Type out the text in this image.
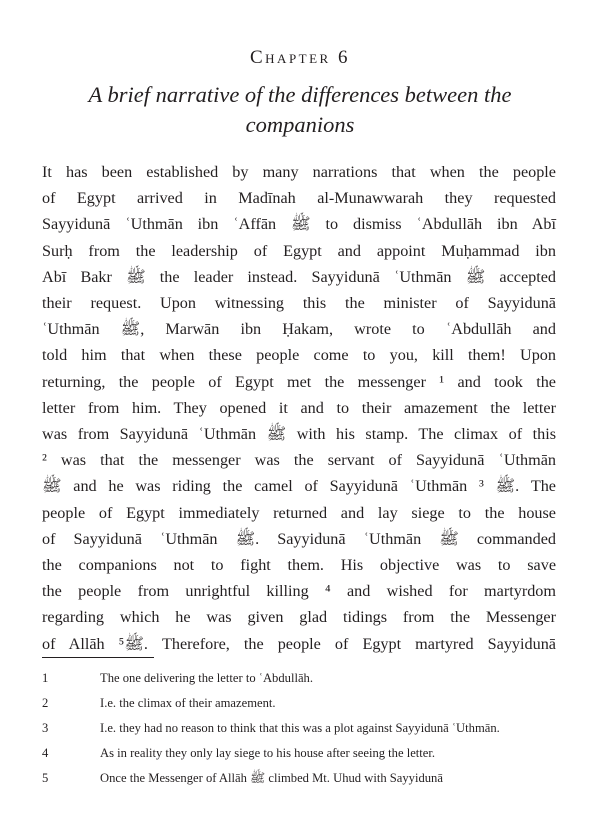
Chapter 6
A brief narrative of the differences between the companions
It has been established by many narrations that when the people
of Egypt arrived in Madīnah al-Munawwarah they requested
Sayyidunā ʿUthmān ibn ʿAffān ﷺ to dismiss ʿAbdullāh ibn Abī
Surḥ from the leadership of Egypt and appoint Muḥammad ibn
Abī Bakr ﷺ the leader instead. Sayyidunā ʿUthmān ﷺ accepted
their request. Upon witnessing this the minister of Sayyidunā
ʿUthmān ﷺ, Marwān ibn Ḥakam, wrote to ʿAbdullāh and
told him that when these people come to you, kill them! Upon
returning, the people of Egypt met the messenger ¹ and took the
letter from him. They opened it and to their amazement the letter
was from Sayyidunā ʿUthmān ﷺ with his stamp. The climax of this
² was that the messenger was the servant of Sayyidunā ʿUthmān
ﷺ and he was riding the camel of Sayyidunā ʿUthmān ﷺ ³. The
people of Egypt immediately returned and lay siege to the house
of Sayyidunā ʿUthmān ﷺ. Sayyidunā ʿUthmān ﷺ commanded
the companions not to fight them. His objective was to save
the people from unrightful killing ⁴ and wished for martyrdom
regarding which he was given glad tidings from the Messenger
of Allāh ﷺ⁵. Therefore, the people of Egypt martyred Sayyidunā
1	The one delivering the letter to ʿAbdullāh.
2	I.e. the climax of their amazement.
3	I.e. they had no reason to think that this was a plot against Sayyidunā ʿUthmān.
4	As in reality they only lay siege to his house after seeing the letter.
5	Once the Messenger of Allāh ﷺ climbed Mt. Uhud with Sayyidunā
